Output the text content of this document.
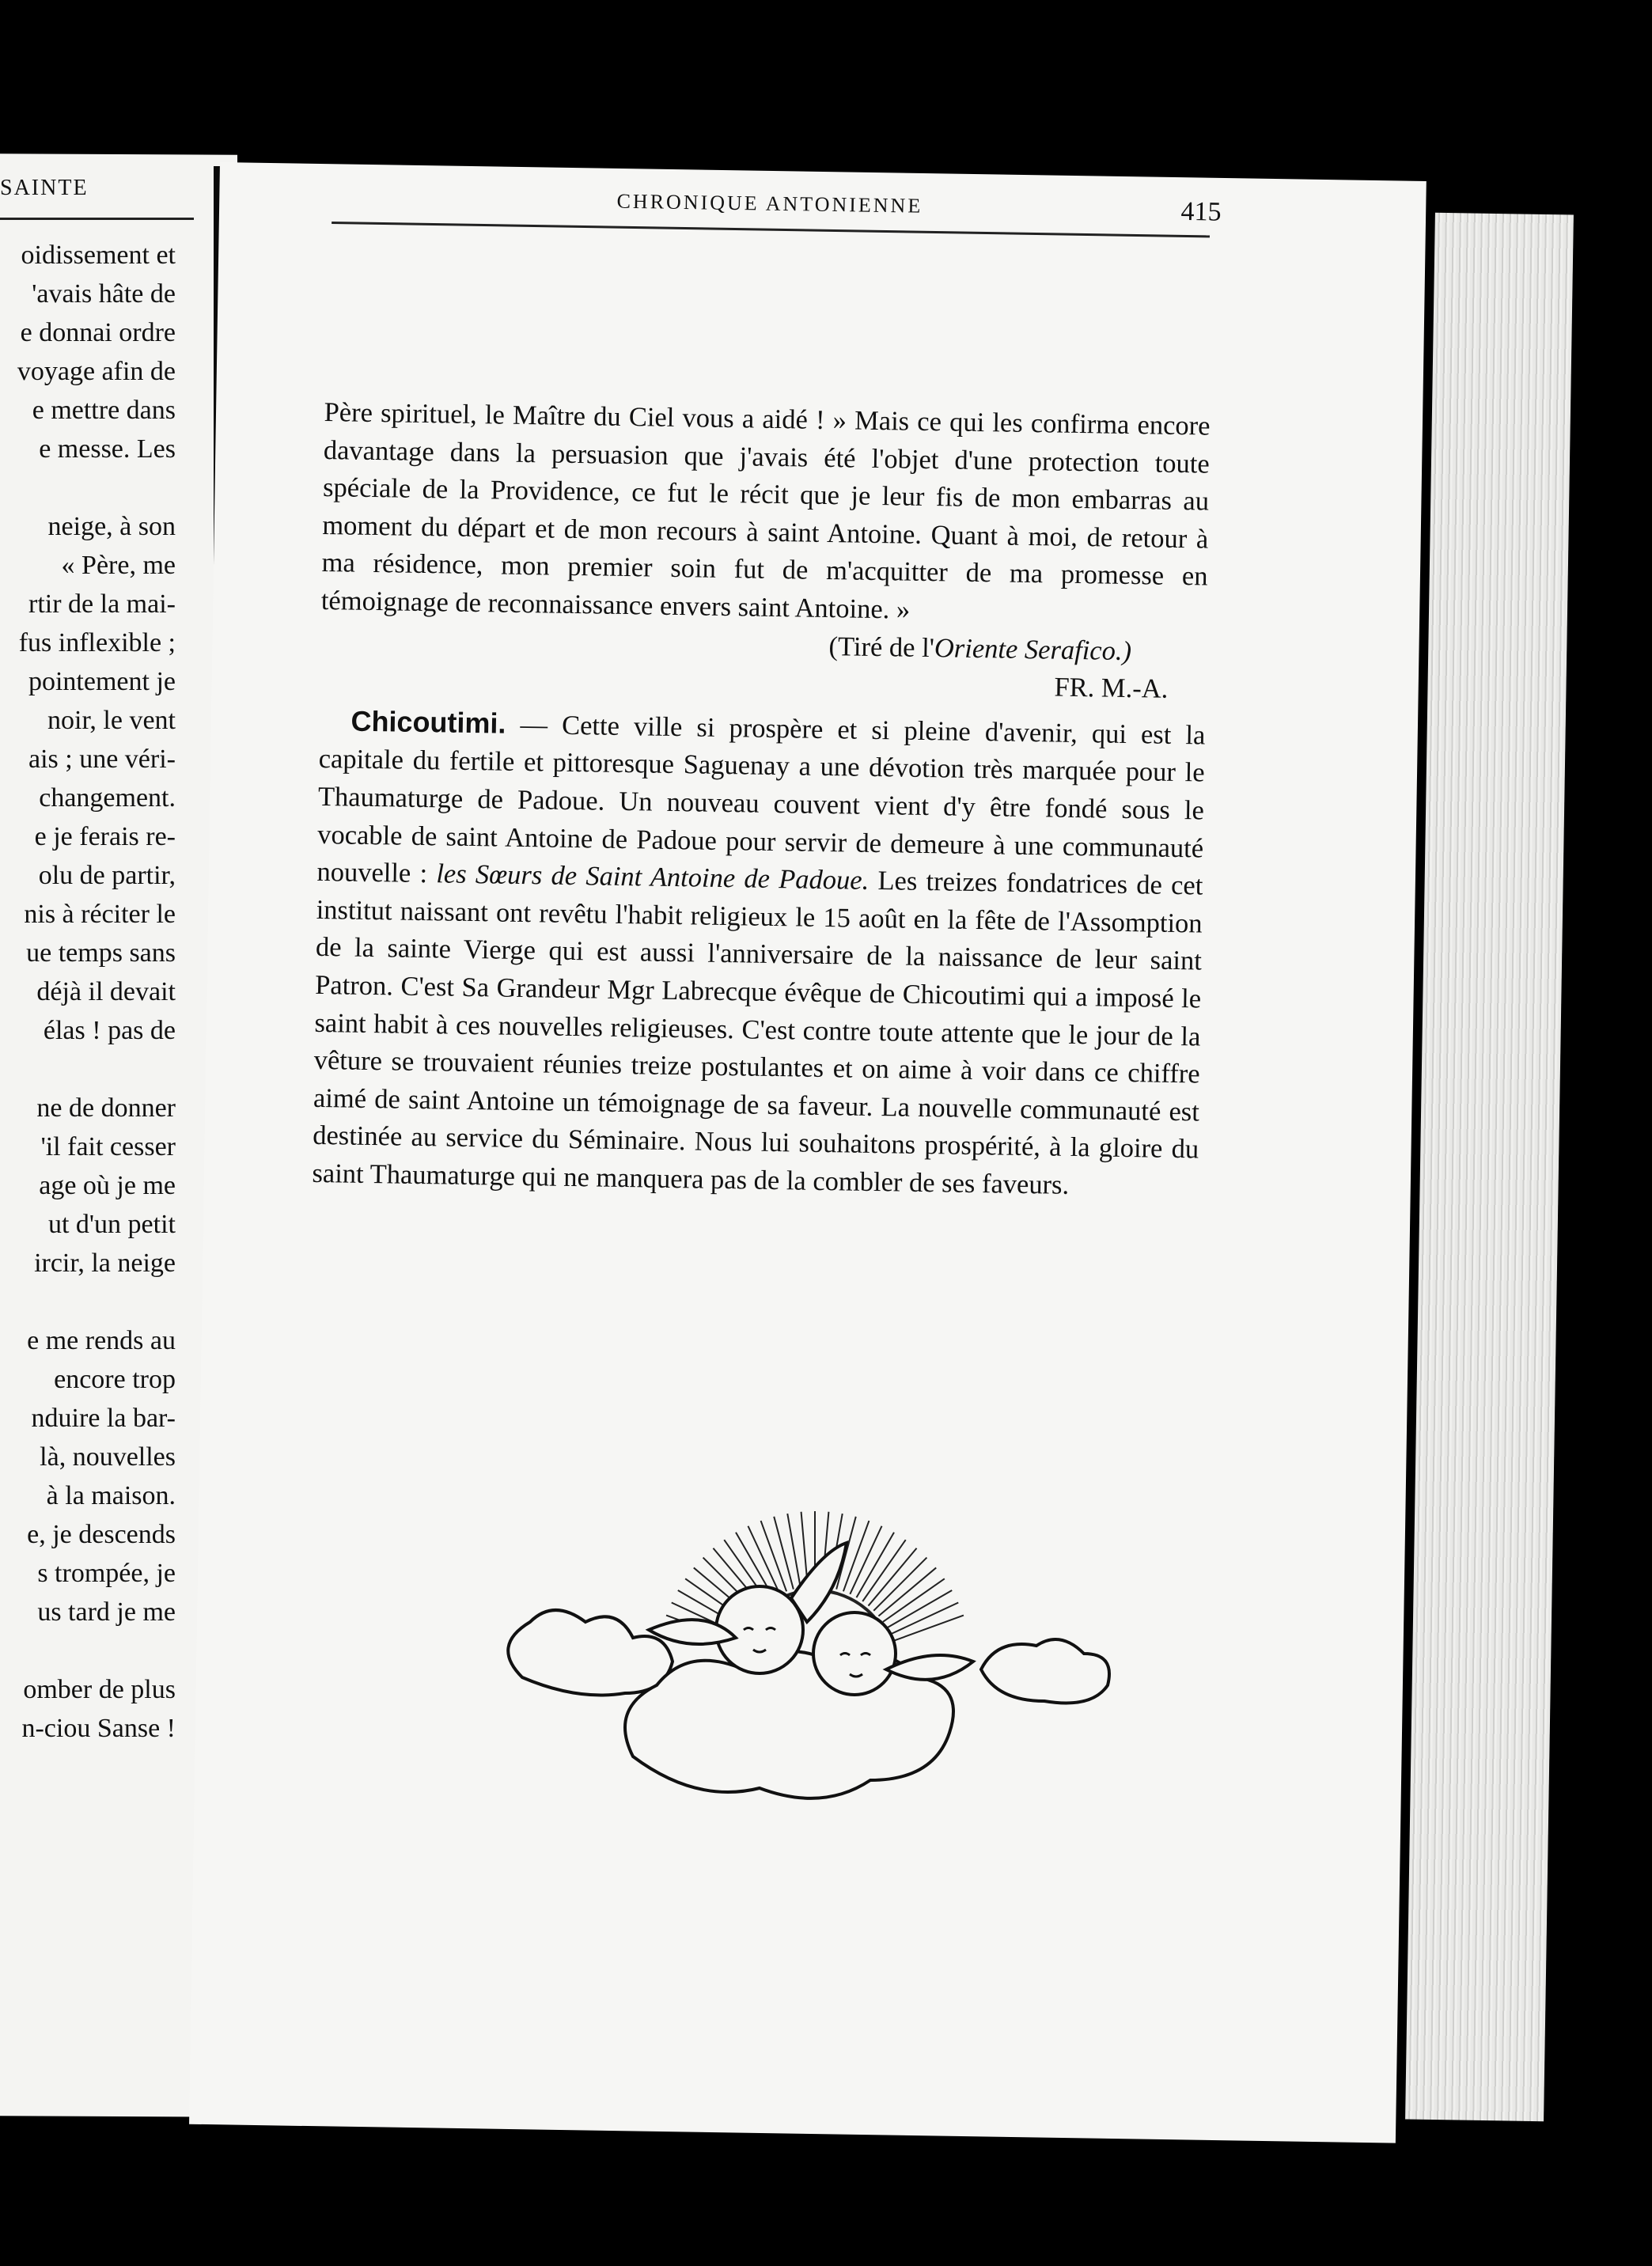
SAINTE
oidissement et
'avais hâte de
e donnai ordre
voyage afin de
e mettre dans
e messe. Les
neige, à son
« Père, me
rtir de la mai-
fus inflexible ;
pointement je
noir, le vent
ais ; une véri-
changement.
e je ferais re-
olu de partir,
nis à réciter le
ue temps sans
déjà il devait
élas ! pas de
ne de donner
'il fait cesser
age où je me
ut d'un petit
ircir, la neige
e me rends au
encore trop
nduire la bar-
là, nouvelles
à la maison.
e, je descends
s trompée, je
us tard je me
omber de plus
n-ciou Sanse !
CHRONIQUE ANTONIENNE	415

Père spirituel, le Maître du Ciel vous a aidé ! » Mais ce qui les confirma encore davantage dans la persuasion que j'avais été l'objet d'une protection toute spéciale de la Providence, ce fut le récit que je leur fis de mon embarras au moment du départ et de mon recours à saint Antoine. Quant à moi, de retour à ma résidence, mon premier soin fut de m'acquitter de ma promesse en témoignage de reconnaissance envers saint Antoine. »

(Tiré de l'Oriente Serafico.)

FR. M.-A.

Chicoutimi. — Cette ville si prospère et si pleine d'avenir, qui est la capitale du fertile et pittoresque Saguenay a une dévotion très marquée pour le Thaumaturge de Padoue. Un nouveau couvent vient d'y être fondé sous le vocable de saint Antoine de Padoue pour servir de demeure à une communauté nouvelle : les Sœurs de Saint Antoine de Padoue. Les treizes fondatrices de cet institut naissant ont revêtu l'habit religieux le 15 août en la fête de l'Assomption de la sainte Vierge qui est aussi l'anniversaire de la naissance de leur saint Patron. C'est Sa Grandeur Mgr Labrecque évêque de Chicoutimi qui a imposé le saint habit à ces nouvelles religieuses. C'est contre toute attente que le jour de la vêture se trouvaient réunies treize postulantes et on aime à voir dans ce chiffre aimé de saint Antoine un témoignage de sa faveur. La nouvelle communauté est destinée au service du Séminaire. Nous lui souhaitons prospérité, à la gloire du saint Thaumaturge qui ne manquera pas de la combler de ses faveurs.
